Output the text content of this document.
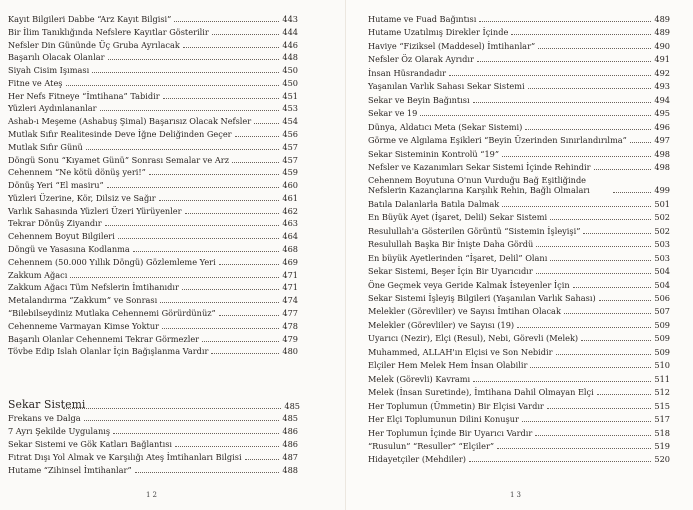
Kayıt Bilgileri Dabbe “Arz Kayıt Bilgisi”	443
Bir İlim Tanıklığında Nefslere Kayıtlar Gösterilir	444
Nefsler Din Gününde Üç Gruba Ayrılacak	446
Başarılı Olacak Olanlar	448
Siyah Cisim Işıması	450
Fitne ve Ateş	450
Her Nefs Fitneye “İmtihana” Tabidir	451
Yüzleri Aydınlananlar	453
Ashab-ı Meşeme (Ashabuş Şimal) Başarısız Olacak Nefsler	454
Mutlak Sıfır Realitesinde Deve İğne Deliğinden Geçer	456
Mutlak Sıfır Günü	457
Döngü Sonu “Kıyamet Günü” Sonrası Semalar ve Arz	457
Cehennem “Ne kötü dönüş yeri!”	459
Dönüş Yeri “El masiru”	460
Yüzleri Üzerine, Kör, Dilsiz ve Sağır	461
Varlık Sahasında Yüzleri Üzeri Yürüyenler	462
Tekrar Dönüş Ziyandır	463
Cehennem Boyut Bilgileri	464
Döngü ve Yasasına Kodlanma	468
Cehennem (50.000 Yıllık Döngü) Gözlemleme Yeri	469
Zakkum Ağacı	471
Zakkum Ağacı Tüm Nefslerin İmtihanıdır	471
Metalandırma “Zakkum” ve Sonrası	474
“Bilebilseydiniz Mutlaka Cehennemi Görürdünüz”	477
Cehenneme Varmayan Kimse Yoktur	478
Başarılı Olanlar Cehennemi Tekrar Görmezler	479
Tövbe Edip Islah Olanlar İçin Bağışlanma Vardır	480
Frekans ve Dalga	485
7 Ayrı Şekilde Uygulanış	486
Sekar Sistemi ve Gök Katları Bağlantısı	486
Fıtrat Dışı Yol Almak ve Karşılığı Ateş İmtihanları Bilgisi	487
Hutame “Zihinsel İmtihanlar”	488
Sekar Sistemi	485
12
Hutame ve Fuad Bağıntısı	489
Hutame Uzatılmış Direkler İçinde	489
Haviye “Fiziksel (Maddesel) İmtihanlar”	490
Nefsler Öz Olarak Ayrıdır	491
İnsan Hüsrandadır	492
Yaşanılan Varlık Sahası Sekar Sistemi	493
Sekar ve Beyin Bağıntısı	494
Sekar ve 19	495
Dünya, Aldatıcı Meta (Sekar Sistemi)	496
Görme ve Algılama Eşikleri “Beyin Üzerinden Sınırlandırılma”	497
Sekar Sisteminin Kontrolü “19”	498
Nefsler ve Kazanımları Sekar Sistemi İçinde Rehindir	498
Cehennem Boyutuna O'nun Vurduğu Bağ Eşitliğinde Nefslerin Kazançlarına Karşılık Rehin, Bağlı Olmaları	499
Batıla Dalanlarla Batıla Dalmak	501
En Büyük Ayet (İşaret, Delil) Sekar Sistemi	502
Resulullah'a Gösterilen Görüntü “Sistemin İşleyişi”	502
Resulullah Başka Bir İnişte Daha Gördü	503
En büyük Ayetlerinden “İşaret, Delil” Olanı	503
Sekar Sistemi, Beşer İçin Bir Uyarıcıdır	504
Öne Geçmek veya Geride Kalmak İsteyenler İçin	504
Sekar Sistemi İşleyiş Bilgileri (Yaşanılan Varlık Sahası)	506
Melekler (Görevliler) ve Sayısı İmtihan Olacak	507
Melekler (Görevliler) ve Sayısı (19)	509
Uyarıcı (Nezir), Elçi (Resul), Nebi, Görevli (Melek)	509
Muhammed, ALLAH'ın Elçisi ve Son Nebidir	509
Elçiler Hem Melek Hem İnsan Olabilir	510
Melek (Görevli) Kavramı	511
Melek (İnsan Suretinde), İmtihana Dahil Olmayan Elçi	512
Her Toplumun (Ümmetin) Bir Elçisi Vardır	515
Her Elçi Toplumunun Dilini Konuşur	517
Her Toplumun İçinde Bir Uyarıcı Vardır	518
“Rusulun” “Resuller” “Elçiler”	519
Hidayetçiler (Mehdiler)	520
13
